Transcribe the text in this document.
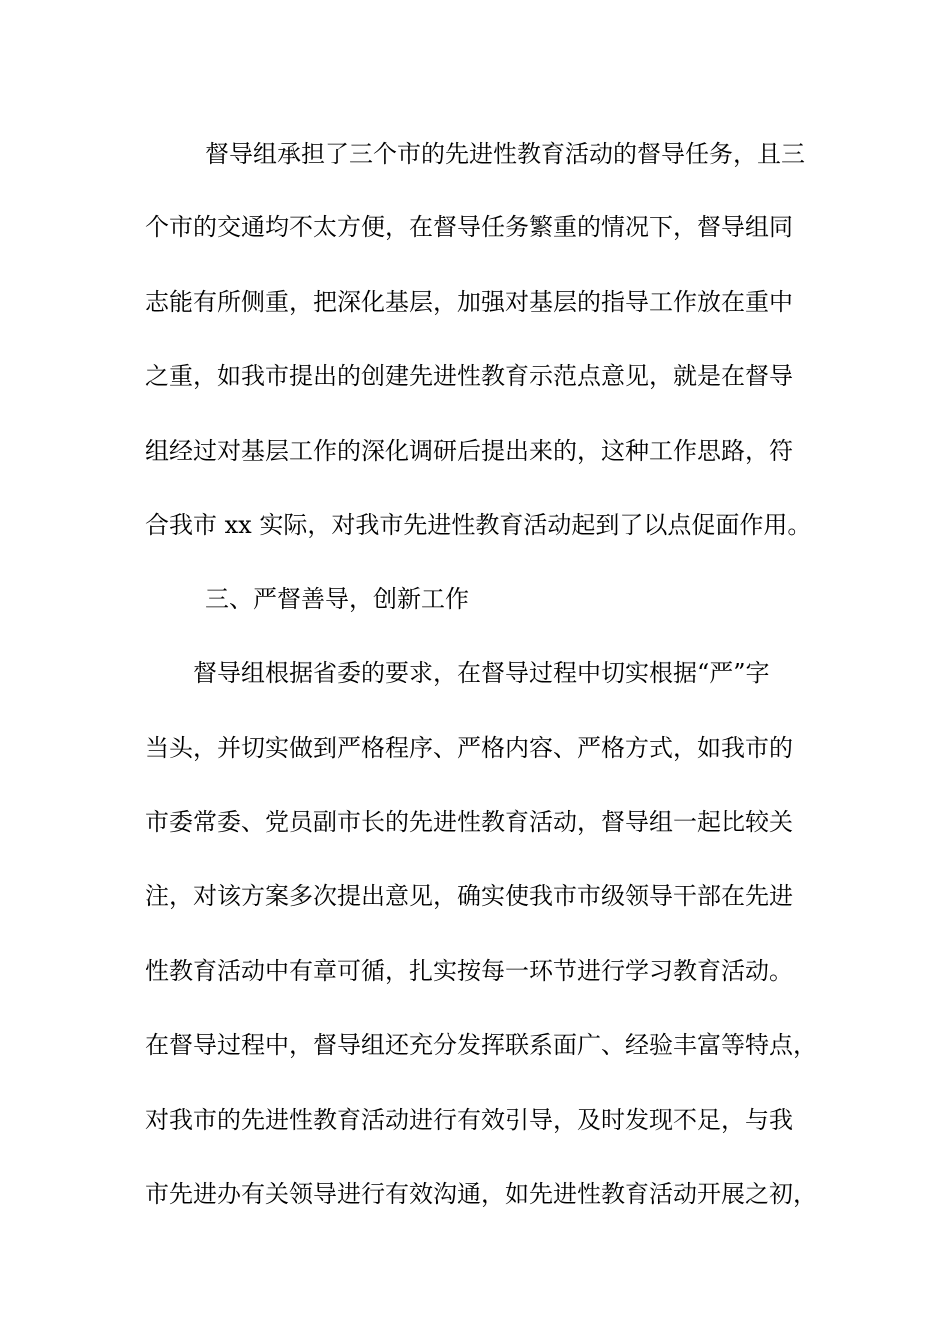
督导组承担了三个市的先进性教育活动的督导任务，且三
个市的交通均不太方便，在督导任务繁重的情况下，督导组同
志能有所侧重，把深化基层，加强对基层的指导工作放在重中
之重，如我市提出的创建先进性教育示范点意见，就是在督导
组经过对基层工作的深化调研后提出来的，这种工作思路，符
合我市 xx 实际，对我市先进性教育活动起到了以点促面作用。
三、严督善导，创新工作
督导组根据省委的要求，在督导过程中切实根据“严”字
当头，并切实做到严格程序、严格内容、严格方式，如我市的
市委常委、党员副市长的先进性教育活动，督导组一起比较关
注，对该方案多次提出意见，确实使我市市级领导干部在先进
性教育活动中有章可循，扎实按每一环节进行学习教育活动。
在督导过程中，督导组还充分发挥联系面广、经验丰富等特点，
对我市的先进性教育活动进行有效引导，及时发现不足，与我
市先进办有关领导进行有效沟通，如先进性教育活动开展之初，
